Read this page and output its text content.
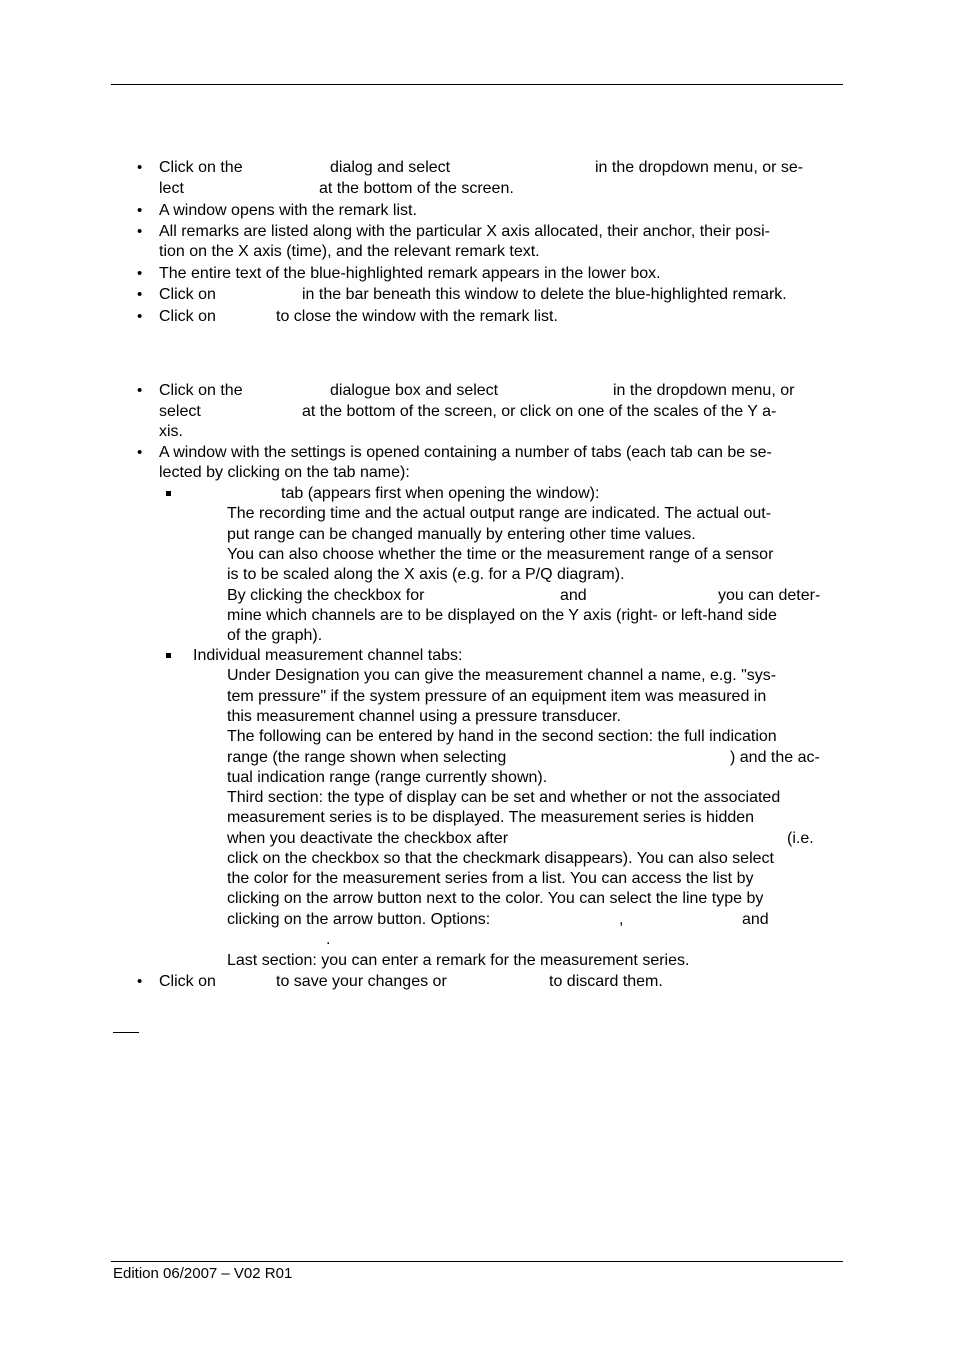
• Click on the	dialog and select	in the dropdown menu, or se-
lect	at the bottom of the screen.
• A window opens with the remark list.
• All remarks are listed along with the particular X axis allocated, their anchor, their posi-
tion on the X axis (time), and the relevant remark text.
• The entire text of the blue-highlighted remark appears in the lower box.
• Click on	in the bar beneath this window to delete the blue-highlighted remark.
• Click on	to close the window with the remark list.
• Click on the	dialogue box and select	in the dropdown menu, or
select	at the bottom of the screen, or click on one of the scales of the Y a-
xis.
• A window with the settings is opened containing a number of tabs (each tab can be se-
lected by clicking on the tab name):
tab (appears first when opening the window):
The recording time and the actual output range are indicated. The actual out-
put range can be changed manually by entering other time values.
You can also choose whether the time or the measurement range of a sensor
is to be scaled along the X axis (e.g. for a P/Q diagram).
By clicking the checkbox for	and	you can deter-
mine which channels are to be displayed on the Y axis (right- or left-hand side
of the graph).
Individual measurement channel tabs:
Under Designation you can give the measurement channel a name, e.g. "sys-
tem pressure" if the system pressure of an equipment item was measured in
this measurement channel using a pressure transducer.
The following can be entered by hand in the second section: the full indication
range (the range shown when selecting	) and the ac-
tual indication range (range currently shown).
Third section: the type of display can be set and whether or not the associated
measurement series is to be displayed. The measurement series is hidden
when you deactivate the checkbox after	(i.e.
click on the checkbox so that the checkmark disappears). You can also select
the color for the measurement series from a list. You can access the list by
clicking on the arrow button next to the color. You can select the line type by
clicking on the arrow button. Options:	,	and
.
Last section: you can enter a remark for the measurement series.
• Click on	to save your changes or	to discard them.
Edition 06/2007 – V02 R01
